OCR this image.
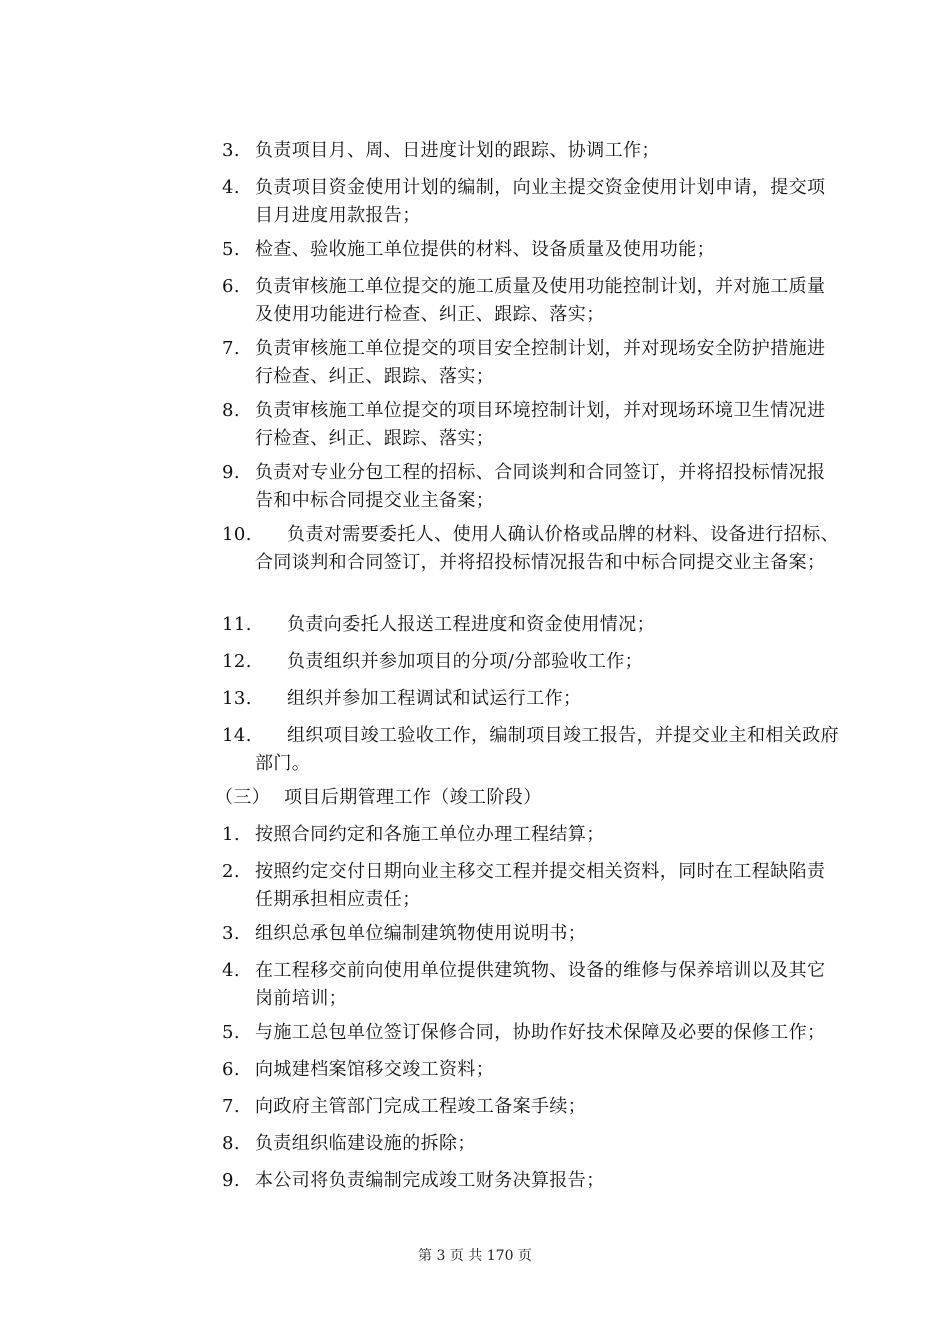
3. 负责项目月、周、日进度计划的跟踪、协调工作；
4. 负责项目资金使用计划的编制，向业主提交资金使用计划申请，提交项目月进度用款报告；
5. 检查、验收施工单位提供的材料、设备质量及使用功能；
6. 负责审核施工单位提交的施工质量及使用功能控制计划，并对施工质量及使用功能进行检查、纠正、跟踪、落实；
7. 负责审核施工单位提交的项目安全控制计划，并对现场安全防护措施进行检查、纠正、跟踪、落实；
8. 负责审核施工单位提交的项目环境控制计划，并对现场环境卫生情况进行检查、纠正、跟踪、落实；
9. 负责对专业分包工程的招标、合同谈判和合同签订，并将招投标情况报告和中标合同提交业主备案；
10.	负责对需要委托人、使用人确认价格或品牌的材料、设备进行招标、合同谈判和合同签订，并将招投标情况报告和中标合同提交业主备案；
11.	负责向委托人报送工程进度和资金使用情况；
12.	负责组织并参加项目的分项/分部验收工作；
13.	组织并参加工程调试和试运行工作；
14.	组织项目竣工验收工作，编制项目竣工报告，并提交业主和相关政府部门。
（三） 项目后期管理工作（竣工阶段）
1. 按照合同约定和各施工单位办理工程结算；
2. 按照约定交付日期向业主移交工程并提交相关资料，同时在工程缺陷责任期承担相应责任；
3. 组织总承包单位编制建筑物使用说明书；
4. 在工程移交前向使用单位提供建筑物、设备的维修与保养培训以及其它岗前培训；
5. 与施工总包单位签订保修合同，协助作好技术保障及必要的保修工作；
6. 向城建档案馆移交竣工资料；
7. 向政府主管部门完成工程竣工备案手续；
8. 负责组织临建设施的拆除；
9. 本公司将负责编制完成竣工财务决算报告；
第 3 页 共 170 页
